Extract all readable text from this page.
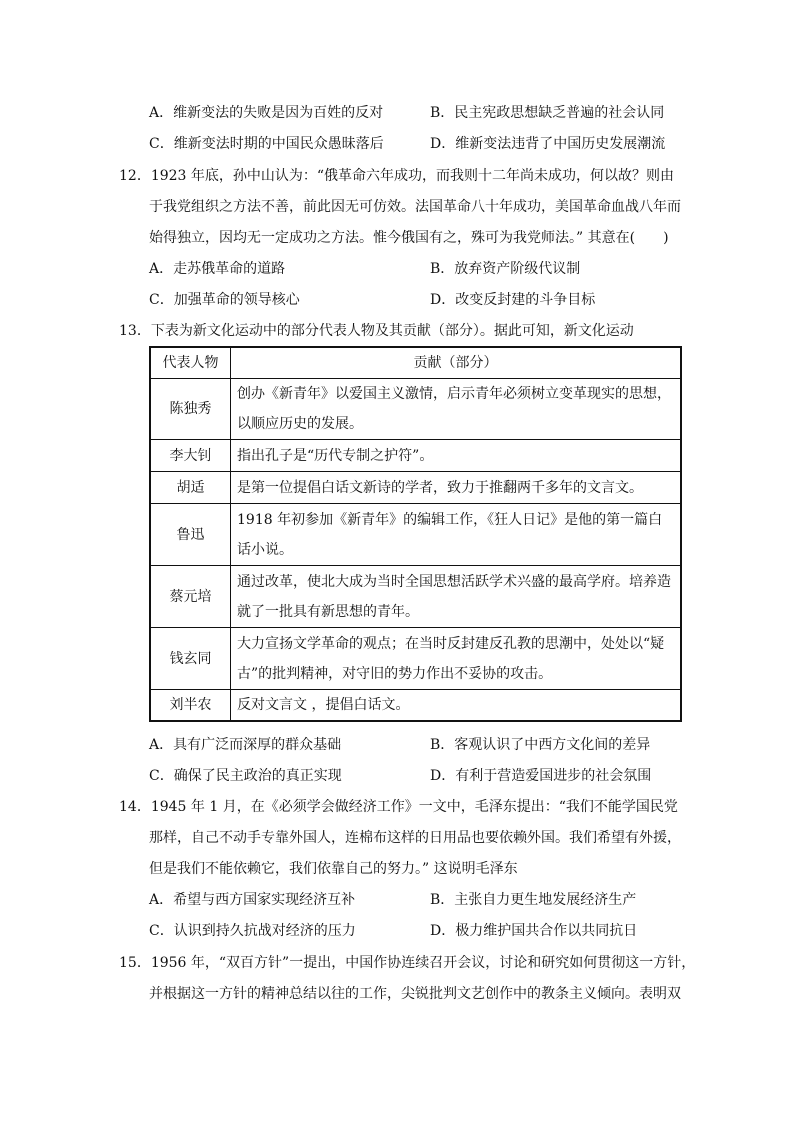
A．维新变法的失败是因为百姓的反对	B．民主宪政思想缺乏普遍的社会认同
C．维新变法时期的中国民众愚昧落后	D．维新变法违背了中国历史发展潮流
12．1923 年底，孙中山认为：“俄革命六年成功，而我则十二年尚未成功，何以故？则由
于我党组织之方法不善，前此因无可仿效。法国革命八十年成功，美国革命血战八年而
始得独立，因均无一定成功之方法。惟今俄国有之，殊可为我党师法。” 其意在(　　)
A．走苏俄革命的道路	B．放弃资产阶级代议制
C．加强革命的领导核心	D．改变反封建的斗争目标
13．下表为新文化运动中的部分代表人物及其贡献（部分）。据此可知，新文化运动
代表人物	贡献（部分）
陈独秀	创办《新青年》以爱国主义激情，启示青年必须树立变革现实的思想，以顺应历史的发展。
李大钊	指出孔子是“历代专制之护符”。
胡适	是第一位提倡白话文新诗的学者，致力于推翻两千多年的文言文。
鲁迅	1918 年初参加《新青年》的编辑工作，《狂人日记》是他的第一篇白话小说。
蔡元培	通过改革，使北大成为当时全国思想活跃学术兴盛的最高学府。培养造就了一批具有新思想的青年。
钱玄同	大力宣扬文学革命的观点；在当时反封建反孔教的思潮中，处处以“疑古”的批判精神，对守旧的势力作出不妥协的攻击。
刘半农	反对文言文 ，提倡白话文。
A．具有广泛而深厚的群众基础	B．客观认识了中西方文化间的差异
C．确保了民主政治的真正实现	D．有利于营造爱国进步的社会氛围
14．1945 年 1 月，在《必须学会做经济工作》一文中，毛泽东提出：“我们不能学国民党
那样，自己不动手专靠外国人，连棉布这样的日用品也要依赖外国。我们希望有外援，
但是我们不能依赖它，我们依靠自己的努力。” 这说明毛泽东
A．希望与西方国家实现经济互补	B．主张自力更生地发展经济生产
C．认识到持久抗战对经济的压力	D．极力维护国共合作以共同抗日
15．1956 年，“双百方针”一提出，中国作协连续召开会议，讨论和研究如何贯彻这一方针，
并根据这一方针的精神总结以往的工作，尖锐批判文艺创作中的教条主义倾向。表明双
